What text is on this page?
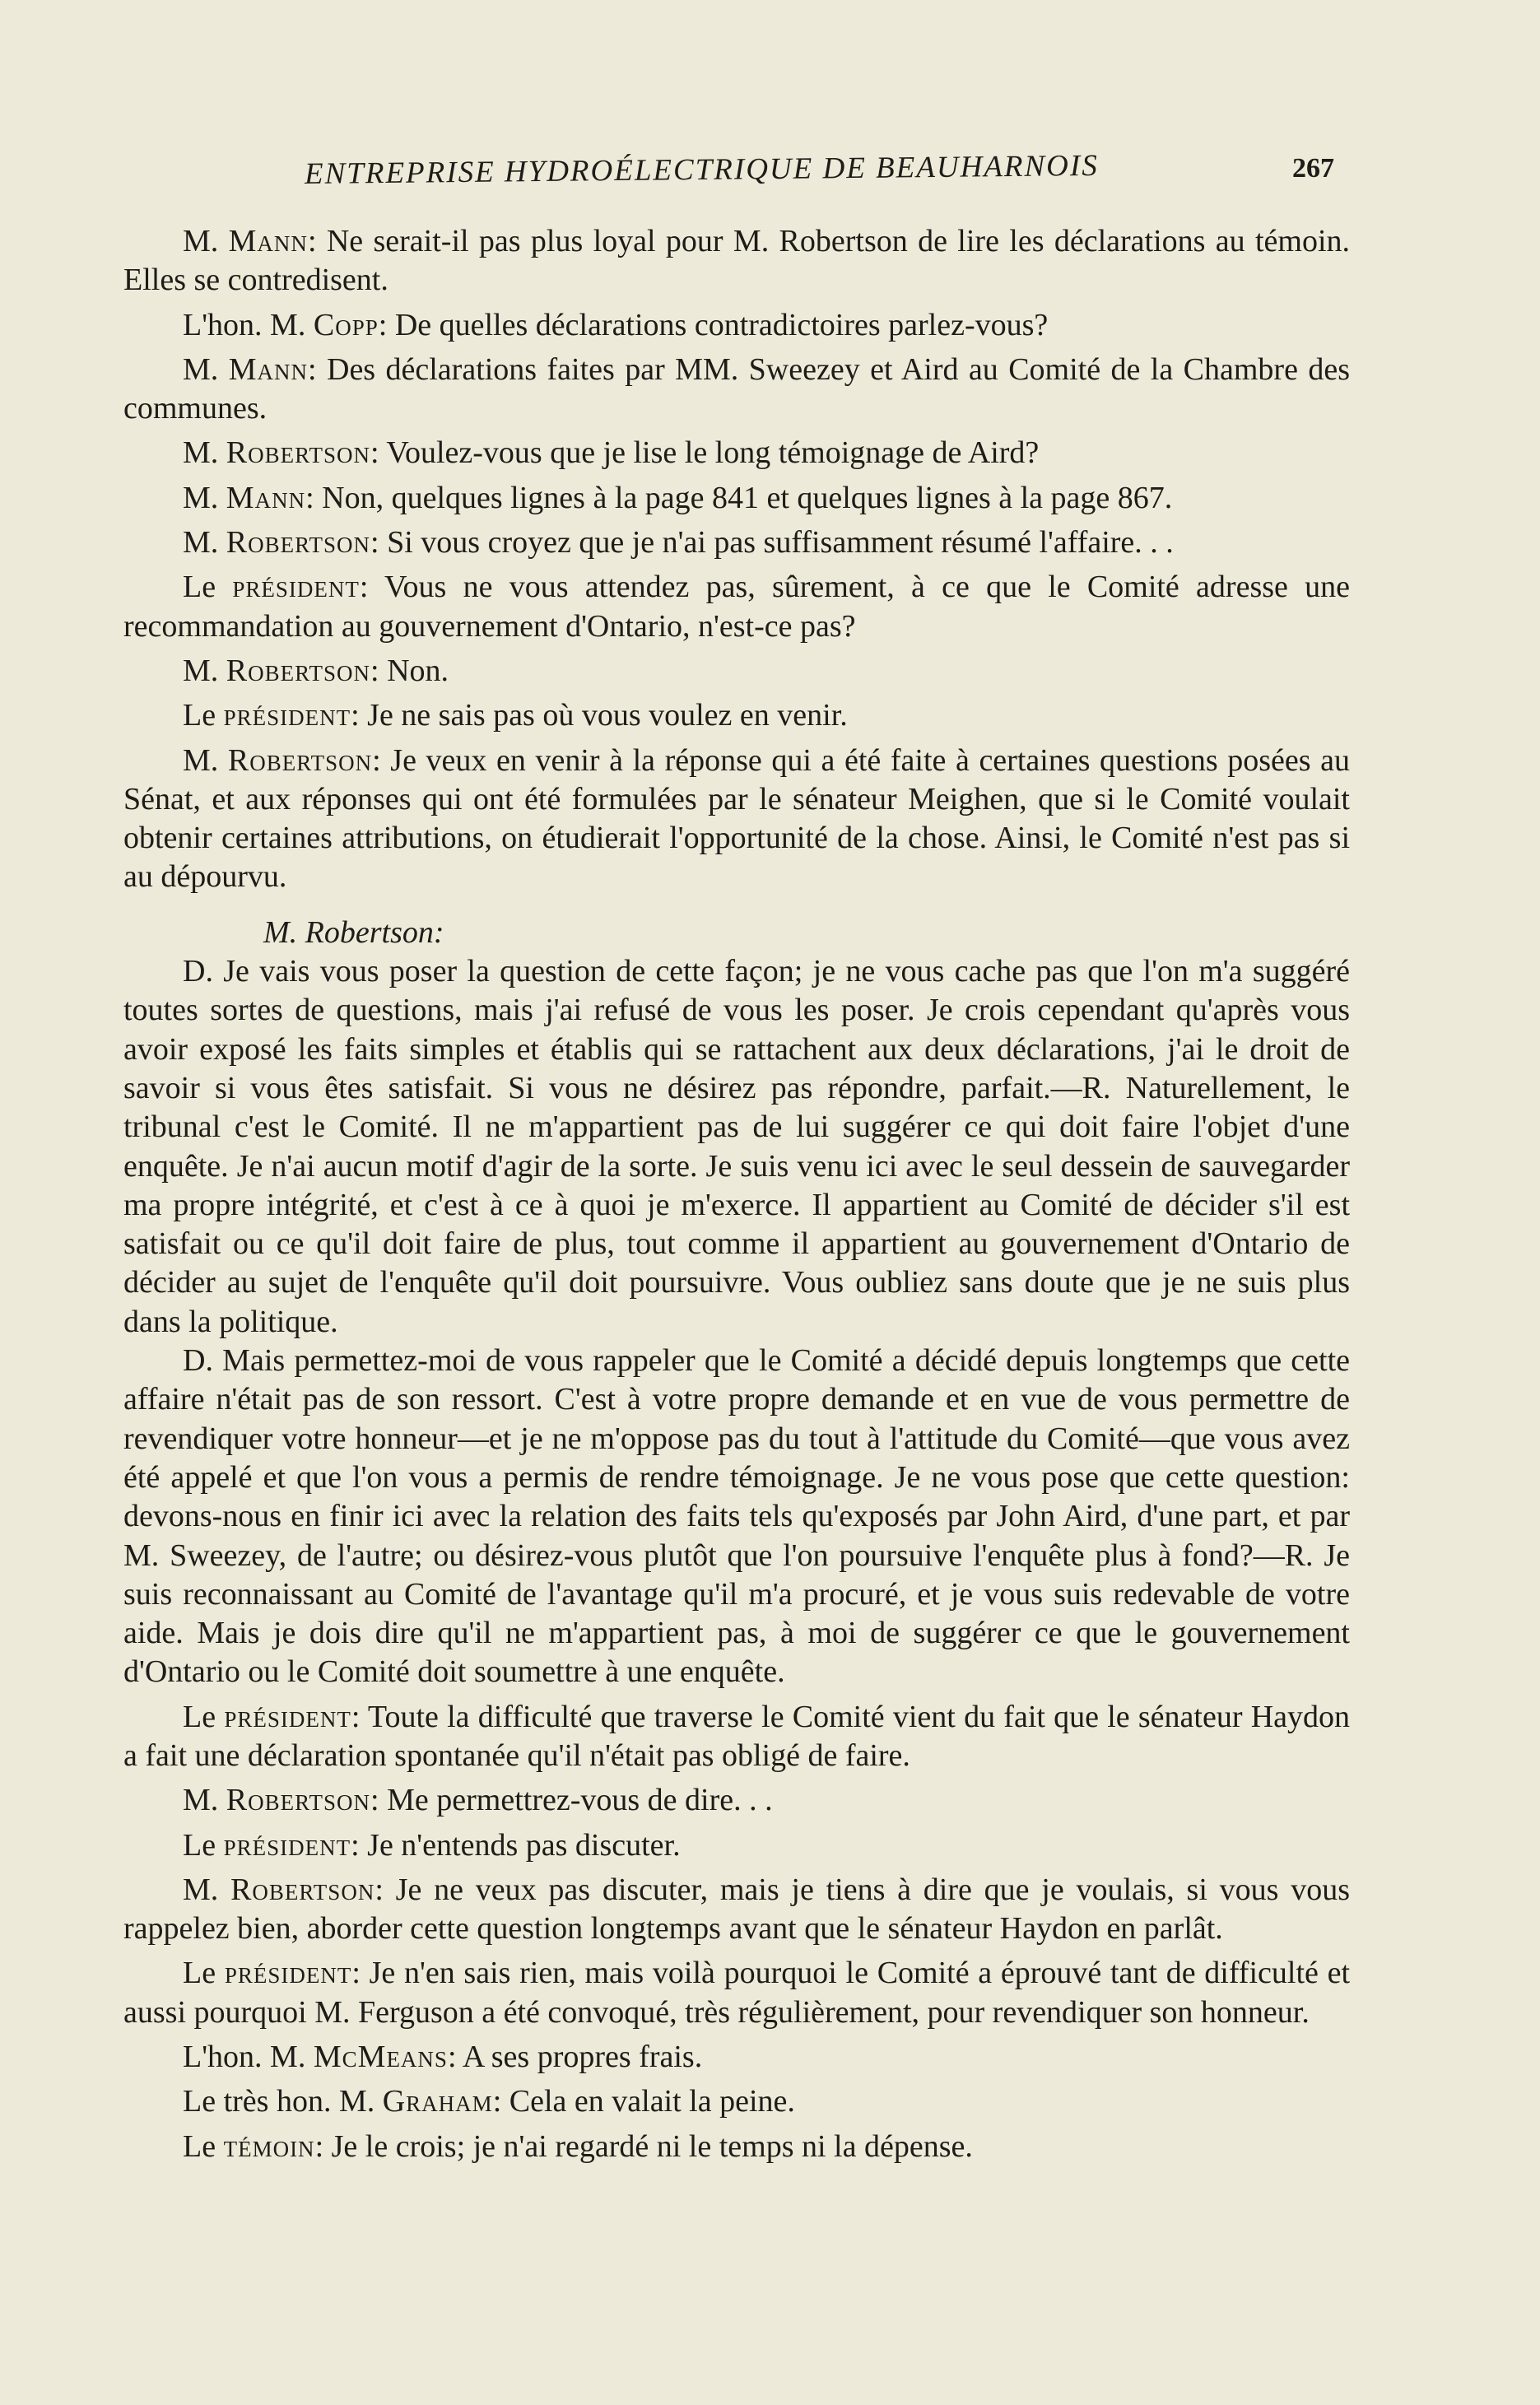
ENTREPRISE HYDROÉLECTRIQUE DE BEAUHARNOIS	267

M. Mann: Ne serait-il pas plus loyal pour M. Robertson de lire les déclarations au témoin. Elles se contredisent.

L'hon. M. Copp: De quelles déclarations contradictoires parlez-vous?

M. Mann: Des déclarations faites par MM. Sweezey et Aird au Comité de la Chambre des communes.

M. Robertson: Voulez-vous que je lise le long témoignage de Aird?

M. Mann: Non, quelques lignes à la page 841 et quelques lignes à la page 867.

M. Robertson: Si vous croyez que je n'ai pas suffisamment résumé l'affaire. . .

Le président: Vous ne vous attendez pas, sûrement, à ce que le Comité adresse une recommandation au gouvernement d'Ontario, n'est-ce pas?

M. Robertson: Non.

Le président: Je ne sais pas où vous voulez en venir.

M. Robertson: Je veux en venir à la réponse qui a été faite à certaines questions posées au Sénat, et aux réponses qui ont été formulées par le sénateur Meighen, que si le Comité voulait obtenir certaines attributions, on étudierait l'opportunité de la chose. Ainsi, le Comité n'est pas si au dépourvu.

M. Robertson:

D. Je vais vous poser la question de cette façon; je ne vous cache pas que l'on m'a suggéré toutes sortes de questions, mais j'ai refusé de vous les poser. Je crois cependant qu'après vous avoir exposé les faits simples et établis qui se rattachent aux deux déclarations, j'ai le droit de savoir si vous êtes satisfait. Si vous ne désirez pas répondre, parfait.—R. Naturellement, le tribunal c'est le Comité. Il ne m'appartient pas de lui suggérer ce qui doit faire l'objet d'une enquête. Je n'ai aucun motif d'agir de la sorte. Je suis venu ici avec le seul dessein de sauvegarder ma propre intégrité, et c'est à ce à quoi je m'exerce. Il appartient au Comité de décider s'il est satisfait ou ce qu'il doit faire de plus, tout comme il appartient au gouvernement d'Ontario de décider au sujet de l'enquête qu'il doit poursuivre. Vous oubliez sans doute que je ne suis plus dans la politique.

D. Mais permettez-moi de vous rappeler que le Comité a décidé depuis longtemps que cette affaire n'était pas de son ressort. C'est à votre propre demande et en vue de vous permettre de revendiquer votre honneur—et je ne m'oppose pas du tout à l'attitude du Comité—que vous avez été appelé et que l'on vous a permis de rendre témoignage. Je ne vous pose que cette question: devons-nous en finir ici avec la relation des faits tels qu'exposés par John Aird, d'une part, et par M. Sweezey, de l'autre; ou désirez-vous plutôt que l'on poursuive l'enquête plus à fond?—R. Je suis reconnaissant au Comité de l'avantage qu'il m'a procuré, et je vous suis redevable de votre aide. Mais je dois dire qu'il ne m'appartient pas, à moi de suggérer ce que le gouvernement d'Ontario ou le Comité doit soumettre à une enquête.

Le président: Toute la difficulté que traverse le Comité vient du fait que le sénateur Haydon a fait une déclaration spontanée qu'il n'était pas obligé de faire.

M. Robertson: Me permettrez-vous de dire. . .

Le président: Je n'entends pas discuter.

M. Robertson: Je ne veux pas discuter, mais je tiens à dire que je voulais, si vous vous rappelez bien, aborder cette question longtemps avant que le sénateur Haydon en parlât.

Le président: Je n'en sais rien, mais voilà pourquoi le Comité a éprouvé tant de difficulté et aussi pourquoi M. Ferguson a été convoqué, très régulièrement, pour revendiquer son honneur.

L'hon. M. McMeans: A ses propres frais.

Le très hon. M. Graham: Cela en valait la peine.

Le témoin: Je le crois; je n'ai regardé ni le temps ni la dépense.
